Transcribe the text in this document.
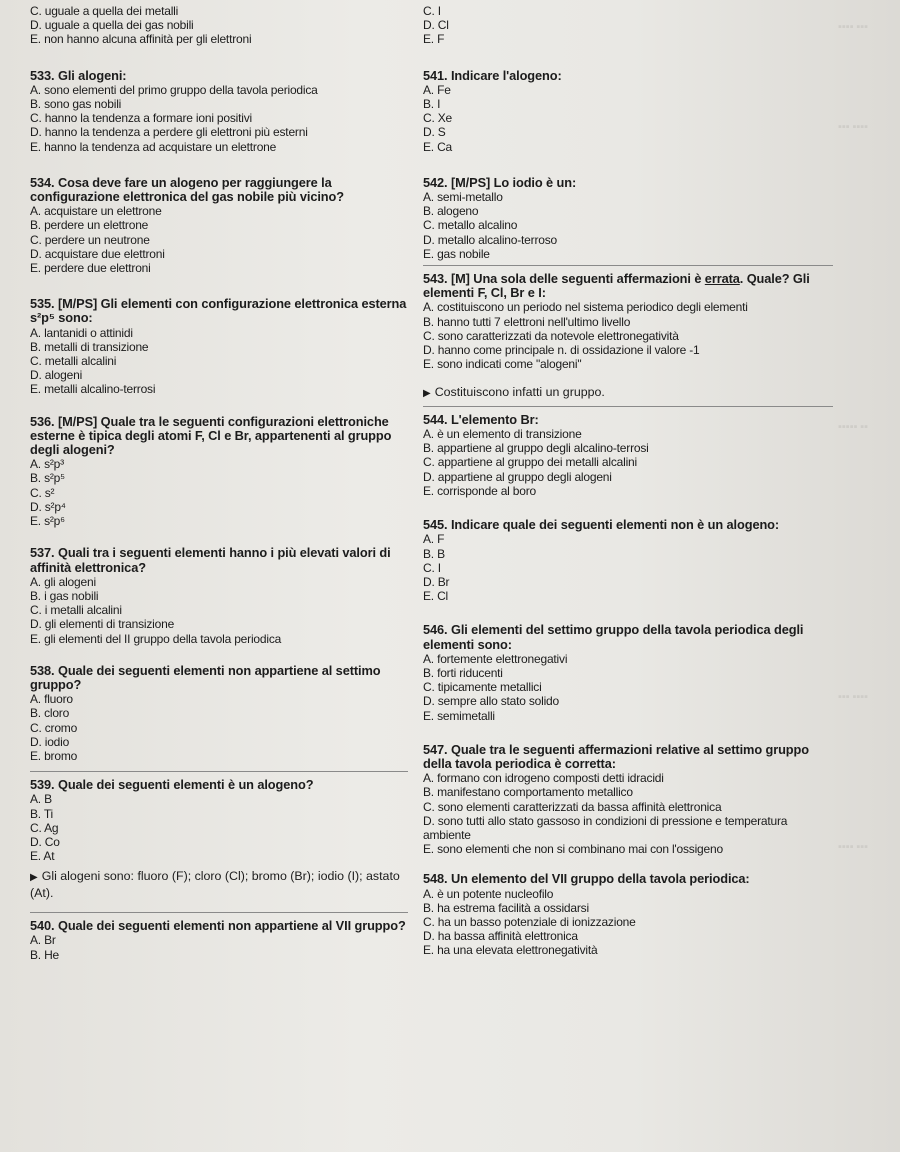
▪▪▪▪ ▪▪▪
▪▪▪ ▪▪▪▪
▪▪▪▪▪ ▪▪
▪▪▪ ▪▪▪▪
▪▪▪▪ ▪▪▪
C. uguale a quella dei metalli
D. uguale a quella dei gas nobili
E. non hanno alcuna affinità per gli elettroni
533. Gli alogeni:
A. sono elementi del primo gruppo della tavola periodica
B. sono gas nobili
C. hanno la tendenza a formare ioni positivi
D. hanno la tendenza a perdere gli elettroni più esterni
E. hanno la tendenza ad acquistare un elettrone
534. Cosa deve fare un alogeno per raggiungere la configurazione elettronica del gas nobile più vicino?
A. acquistare un elettrone
B. perdere un elettrone
C. perdere un neutrone
D. acquistare due elettroni
E. perdere due elettroni
535. [M/PS] Gli elementi con configurazione elettronica esterna s²p⁵ sono:
A. lantanidi o attinidi
B. metalli di transizione
C. metalli alcalini
D. alogeni
E. metalli alcalino-terrosi
536. [M/PS] Quale tra le seguenti configurazioni elettroniche esterne è tipica degli atomi F, Cl e Br, appartenenti al gruppo degli alogeni?
A. s²p³
B. s²p⁵
C. s²
D. s²p⁴
E. s²p⁶
537. Quali tra i seguenti elementi hanno i più elevati valori di affinità elettronica?
A. gli alogeni
B. i gas nobili
C. i metalli alcalini
D. gli elementi di transizione
E. gli elementi del II gruppo della tavola periodica
538. Quale dei seguenti elementi non appartiene al settimo gruppo?
A. fluoro
B. cloro
C. cromo
D. iodio
E. bromo
539. Quale dei seguenti elementi è un alogeno?
A. B
B. Ti
C. Ag
D. Co
E. At
▶ Gli alogeni sono: fluoro (F); cloro (Cl); bromo (Br); iodio (I); astato (At).
540. Quale dei seguenti elementi non appartiene al VII gruppo?
A. Br
B. He
C. I
D. Cl
E. F
541. Indicare l'alogeno:
A. Fe
B. I
C. Xe
D. S
E. Ca
542. [M/PS] Lo iodio è un:
A. semi-metallo
B. alogeno
C. metallo alcalino
D. metallo alcalino-terroso
E. gas nobile
543. [M] Una sola delle seguenti affermazioni è errata. Quale? Gli elementi F, Cl, Br e I:
A. costituiscono un periodo nel sistema periodico degli elementi
B. hanno tutti 7 elettroni nell'ultimo livello
C. sono caratterizzati da notevole elettronegatività
D. hanno come principale n. di ossidazione il valore -1
E. sono indicati come "alogeni"
▶ Costituiscono infatti un gruppo.
544. L'elemento Br:
A. è un elemento di transizione
B. appartiene al gruppo degli alcalino-terrosi
C. appartiene al gruppo dei metalli alcalini
D. appartiene al gruppo degli alogeni
E. corrisponde al boro
545. Indicare quale dei seguenti elementi non è un alogeno:
A. F
B. B
C. I
D. Br
E. Cl
546. Gli elementi del settimo gruppo della tavola periodica degli elementi sono:
A. fortemente elettronegativi
B. forti riducenti
C. tipicamente metallici
D. sempre allo stato solido
E. semimetalli
547. Quale tra le seguenti affermazioni relative al settimo gruppo della tavola periodica è corretta:
A. formano con idrogeno composti detti idracidi
B. manifestano comportamento metallico
C. sono elementi caratterizzati da bassa affinità elettronica
D. sono tutti allo stato gassoso in condizioni di pressione e temperatura ambiente
E. sono elementi che non si combinano mai con l'ossigeno
548. Un elemento del VII gruppo della tavola periodica:
A. è un potente nucleofilo
B. ha estrema facilità a ossidarsi
C. ha un basso potenziale di ionizzazione
D. ha bassa affinità elettronica
E. ha una elevata elettronegatività
